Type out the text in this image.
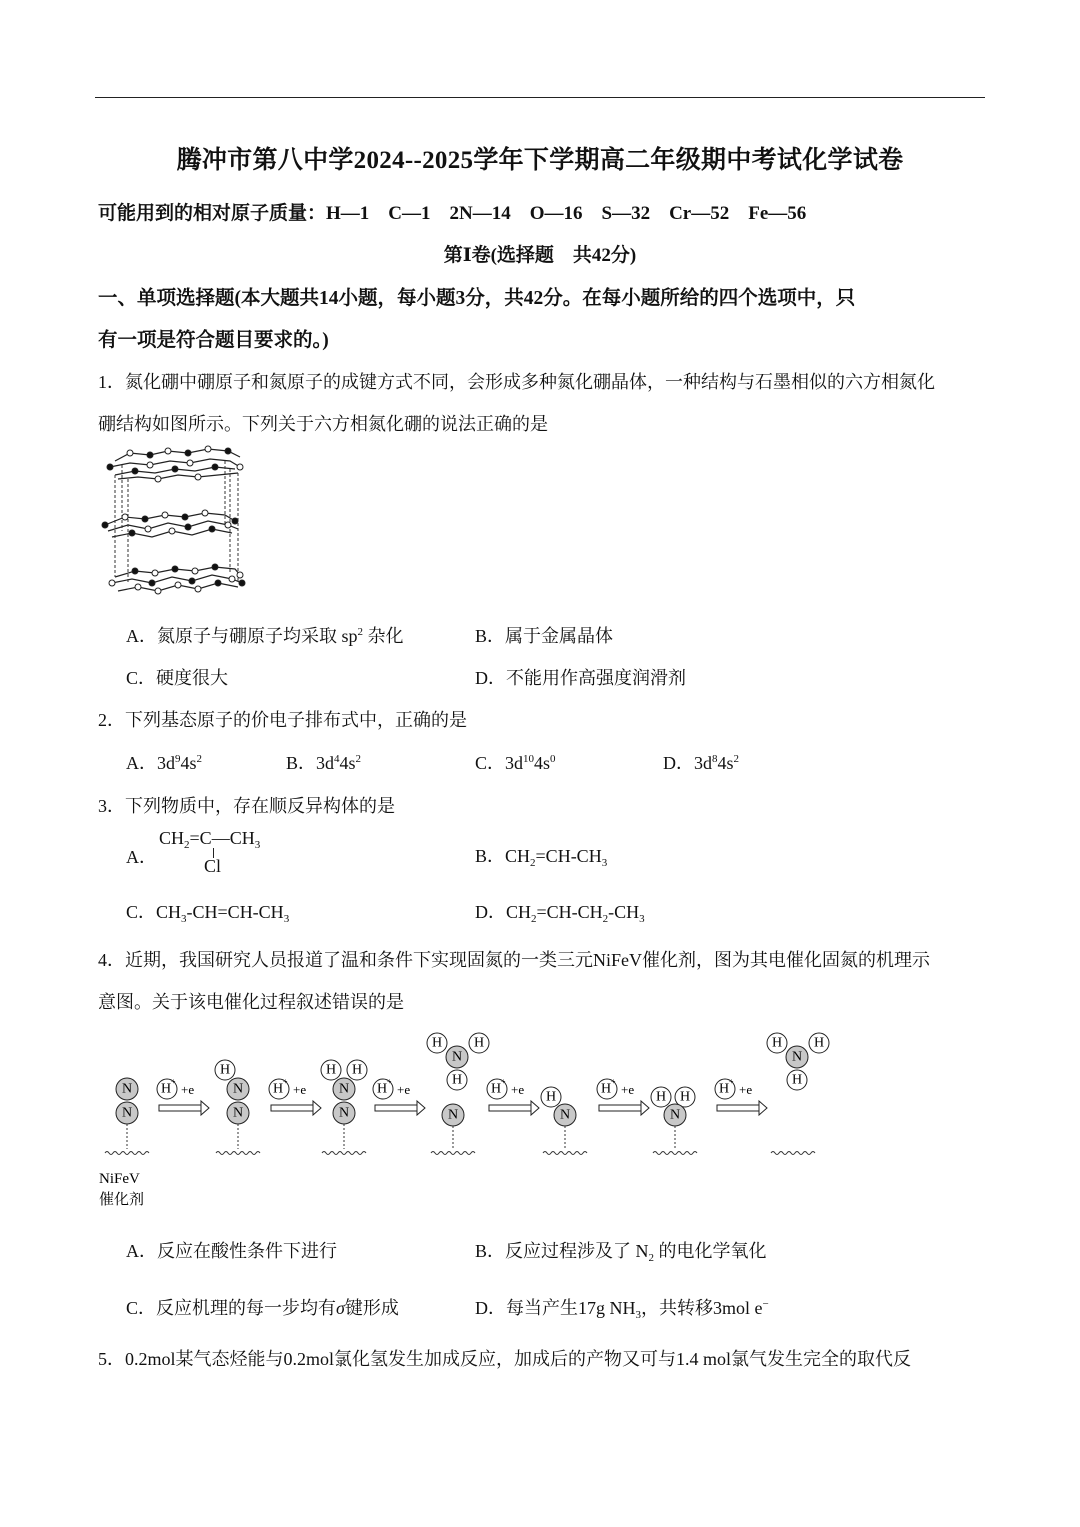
腾冲市第八中学2024--2025学年下学期高二年级期中考试化学试卷
可能用到的相对原子质量：H—1　C—1　2N—14　O—16　S—32　Cr—52　Fe—56
第Ⅰ卷(选择题　共42分)
一、单项选择题(本大题共14小题，每小题3分，共42分。在每小题所给的四个选项中，只
有一项是符合题目要求的。)
1．氮化硼中硼原子和氮原子的成键方式不同，会形成多种氮化硼晶体，一种结构与石墨相似的六方相氮化
硼结构如图所示。下列关于六方相氮化硼的说法正确的是
A．氮原子与硼原子均采取 $sp^2$ 杂化	B．属于金属晶体
C．硬度很大	D．不能用作高强度润滑剂
2．下列基态原子的价电子排布式中，正确的是
A．$3d^94s^2$	B．$3d^44s^2$	C．$3d^{10}4s^0$	D．$3d^84s^2$
3．下列物质中，存在顺反异构体的是
A．
$CH_2=C—CH_3$
Cl	B．$CH_2=CH-CH_3$
C．$CH_3-CH=CH-CH_3$	D．$CH_2=CH-CH_2-CH_3$
4．近期，我国研究人员报道了温和条件下实现固氮的一类三元NiFeV催化剂，图为其电催化固氮的机理示
意图。关于该电催化过程叙述错误的是
N
N
H +
+e
H
N
N
H +
+e
H H
N
N
H +
+e
H
N
H
H
N
H +
+e H
N
H +
+e H H
N
H +
+e
H
N
H
H
NiFeV
催化剂
A．反应在酸性条件下进行	B．反应过程涉及了 $N_2$ 的电化学氧化
C．反应机理的每一步均有σ键形成	D．每当产生17g $NH_3$，共转移3mol e−
5．0.2mol某气态烃能与0.2mol氯化氢发生加成反应，加成后的产物又可与1.4 mol氯气发生完全的取代反
